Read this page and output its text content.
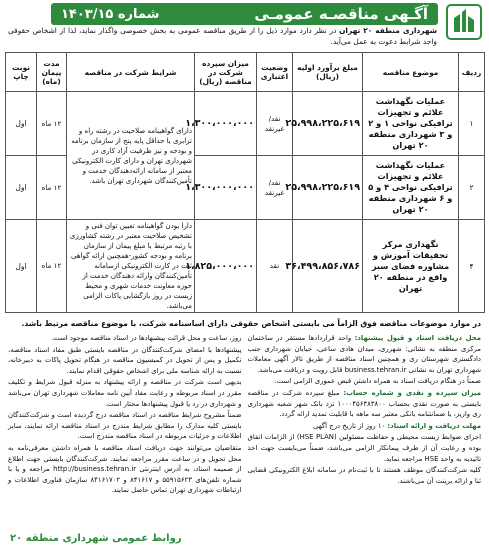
آگـهی مناقصـه عمومـی
شماره ۱۴۰۳/۱۵
شهرداری منطقه ۲۰ تهران در نظر دارد موارد ذیل را از طریق مناقصه عمومی به بخش خصوصی واگذار نماید، لذا از اشخاص حقوقی واجد شرایط دعوت به عمل می‌آید.
ردیف	موضوع مناقصه	مبلغ برآورد اولیه (ریال)	وضعیت اعتباری	میزان سپرده شرکت در مناقصه (ریال)	شرایط شرکت در مناقصه	مدت پیمان (ماه)	نوبت چاپ
۱	عملیات نگهداشت علائم و تجهیزات ترافیکی نواحی ۱ و ۲ و ۳ شهرداری منطقه ۲۰ تهران	۲۵،۹۹۸،۲۲۵،۶۱۹	نقد/ غیرنقد	۱،۳۰۰،۰۰۰،۰۰۰	دارای گواهینامه صلاحیت در رشته راه و ترابری یا حداقل پایه پنج از سازمان برنامه و بودجه و نیز ظرفیت آزاد کاری در شهرداری تهران و دارای کارت الکترونیکی معتبر از سامانه ارائه‌دهندگان خدمت و تأمین‌کنندگان شهرداری تهران باشد.	۱۲ ماه	اول
۲	عملیات نگهداشت علائم و تجهیزات ترافیکی نواحی ۴ و ۵ و ۶ شهرداری منطقه ۲۰ تهران	۲۵،۹۹۸،۲۲۵،۶۱۹	نقد/ غیرنقد	۱،۳۰۰،۰۰۰،۰۰۰		۱۲ ماه	اول
۴	نگهداری مرکز تحقیقات آموزش و مشاوره فضای سبز واقع در منطقه ۲۰ تهران	۳۶،۴۹۹،۸۵۶،۷۸۶	نقد	۱،۸۲۵،۰۰۰،۰۰۰	دارا بودن گواهینامه تعیین توان فنی و تشخیص صلاحیت معتبر در رشته کشاورزی با رتبه مرتبط با مبلغ پیمان از سازمان برنامه و بودجه کشور-همچنین ارائه گواهی ثبت در کارت الکترونیکی ازسامانه تأمین‌کنندگان وارائه دهندگان خدمت از حوزه معاونت خدمات شهری و محیط زیست در روز بازگشایی پاکات الزامی می‌باشد.	۱۲ ماه	اول
در موارد موضوعات مناقصه فوق الزاماً می بایستی اشخاص حقوقی دارای اساسنامه شرکت، با موضوع مناقصه مرتبط باشد.

محل دریافت اسناد و قبول پیشنهاد: واحد قراردادها مستقر در ساختمان مرکزی منطقه به نشانی: شهرری، میدان هادی ساعی، خیابان شهرداری جنب دادگستری شهرستان ری و همچنین اسناد مناقصه از طریق تالار آگهی معاملات شهرداری تهران به نشانی business.tehran.ir قابل رویت و دریافت می‌باشد.

ضمناً در هنگام دریافت اسناد به همراه داشتن قبض عموری الزامی است.

میزان سپرده و نقدی و شماره حساب: مبلغ سپرده شرکت در مناقصه بایستی به صورت نقدی بحساب ۱۰۰۰۴۵۶۴۸۳۸۰۰ نزد بانک شهر شعبه شهرداری ری واریز، یا ضمانتنامه بانکی معتبر سه ماهه با قابلیت تمدید ارائه گردد.

مهلت دریافت و ارائه اسناد: ۱۰ روز از تاریخ درج آگهی

اجرای ضوابط زیست محیطی و حفاظت مسئولین (HSE PLAN) از الزامات اتفاق بوده و رعایت آن از طرف پیمانکار الزامی می‌باشد، ضمناً می‌بایست جهت اخذ تائیدیه به واحد HSE مراجعه نماید.

کلیه شرکت‌کنندگان موظف هستند تا با ثبت‌نام در سامانه ابلاغ الکترونیکی قضایی ثنا و ارائه برینت آن می‌باشند.

روز، ساعت و محل قرائت پیشنهادها در اسناد مناقصه موجود است.

پیشنهادها با امضای شرکت‌کنندگان در مناقصه بایستی طبق مفاد اسناد مناقصه، تکمیل و پس از تحویل در کمیسیون مناقصه در هنگام تحویل پاکات به دبیرخانه، نسبت به ارائه شناسه ملی برای اشخاص حقوقی اقدام نمایند.

بدیهی است شرکت در مناقصه و ارائه پیشنهاد به منزله قبول شرایط و تکلیف مقرر در اسناد مربوطه و رعایت مفاد آیین نامه معاملات شهرداری تهران می‌باشد و شهرداری در رد یا قبول پیشنهادها مختار است.

ضمناً مشروح شرایط مناقصه در اسناد مناقصه درج گردیده است و شرکت‌کنندگان بایستی کلیه مدارک را مطابق شرایط مندرج در اسناد مناقصه ارائه نمایند، سایر اطلاعات و جزئیات مربوطه در اسناد مناقصه مندرج است.

متقاضیان می‌توانند جهت دریافت اسناد مناقصه با همراه داشتن معرفی‌نامه به محل تحویل و در ساعت مقرر مراجعه نمایند. شرکت‌کنندگان بایستی جهت اطلاع از ضمیمه اسناد، به آدرس اینترنتی http://business.tehran.ir مراجعه و یا با شماره تلفن‌های ۵۵۹۱۵۶۲۳ و ۸۴۱۶۱۷ و ۸۴۱۶۱۷۰۲ سازمان فناوری اطلاعات و ارتباطات شهرداری تهران تماس حاصل نمایند.

روابط عمومی شهرداری منطقه ۲۰
